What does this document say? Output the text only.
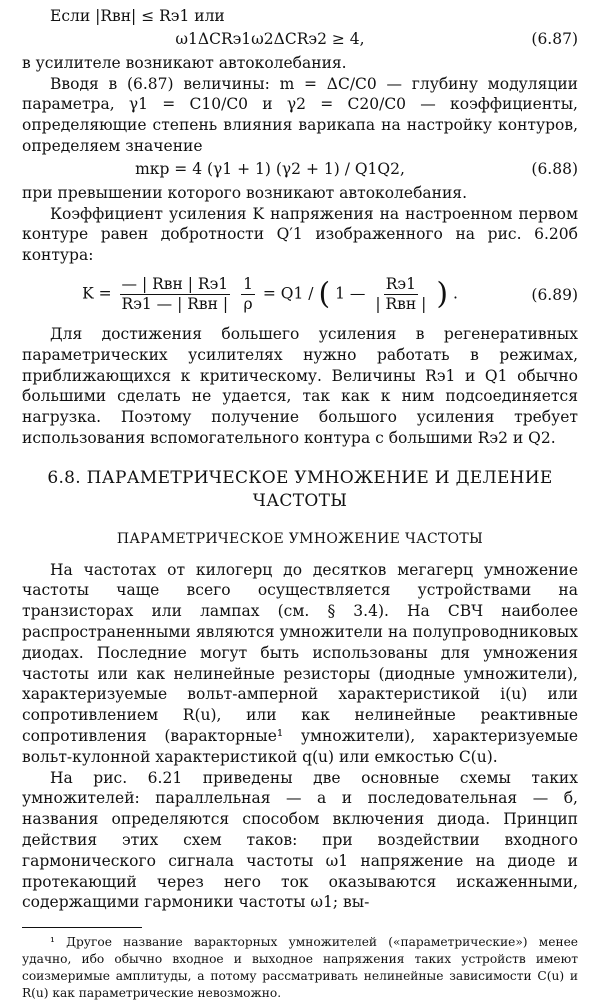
Если |Rвн| ≤ Rэ1 или

ω1ΔCRэ1ω2ΔCRэ2 ≥ 4,	(6.87)

в усилителе возникают автоколебания.

Вводя в (6.87) величины: m = ΔC/C0 — глубину модуляции параметра, γ1 = C10/C0 и γ2 = C20/C0 — коэффициенты, определяющие степень влияния варикапа на настройку контуров, определяем значение

mкр = 4 (γ1 + 1) (γ2 + 1) / Q1Q2,	(6.88)

при превышении которого возникают автоколебания.

Коэффициент усиления K напряжения на настроенном первом контуре равен добротности Q′1 изображенного на рис. 6.20б контура:

$K = \frac{\text{— | Rвн | Rэ1}}{\text{Rэ1 — | Rвн |}}$
$\frac{1}{\rho} = Q1$ / ( 1 — $\frac{Rэ1}{\text{| Rвн |}}$ ) .	(6.89)

Для достижения большего усиления в регенеративных параметрических усилителях нужно работать в режимах, приближающихся к критическому. Величины Rэ1 и Q1 обычно большими сделать не удается, так как к ним подсоединяется нагрузка. Поэтому получение большого усиления требует использования вспомогательного контура с большими Rэ2 и Q2.

6.8. ПАРАМЕТРИЧЕСКОЕ УМНОЖЕНИЕ И ДЕЛЕНИЕ ЧАСТОТЫ
ПАРАМЕТРИЧЕСКОЕ УМНОЖЕНИЕ ЧАСТОТЫ

На частотах от килогерц до десятков мегагерц умножение частоты чаще всего осуществляется устройствами на транзисторах или лампах (см. § 3.4). На СВЧ наиболее распространенными являются умножители на полупроводниковых диодах. Последние могут быть использованы для умножения частоты или как нелинейные резисторы (диодные умножители), характеризуемые вольт-амперной характеристикой i(u) или сопротивлением R(u), или как нелинейные реактивные сопротивления (варакторные¹ умножители), характеризуемые вольт-кулонной характеристикой q(u) или емкостью C(u).

На рис. 6.21 приведены две основные схемы таких умножителей: параллельная — а и последовательная — б, названия определяются способом включения диода. Принцип действия этих схем таков: при воздействии входного гармонического сигнала частоты ω1 напряжение на диоде и протекающий через него ток оказываются искаженными, содержащими гармоники частоты ω1; вы-

¹ Другое название варакторных умножителей («параметрические») менее удачно, ибо обычно входное и выходное напряжения таких устройств имеют соизмеримые амплитуды, а потому рассматривать нелинейные зависимости C(u) и R(u) как параметрические невозможно.
